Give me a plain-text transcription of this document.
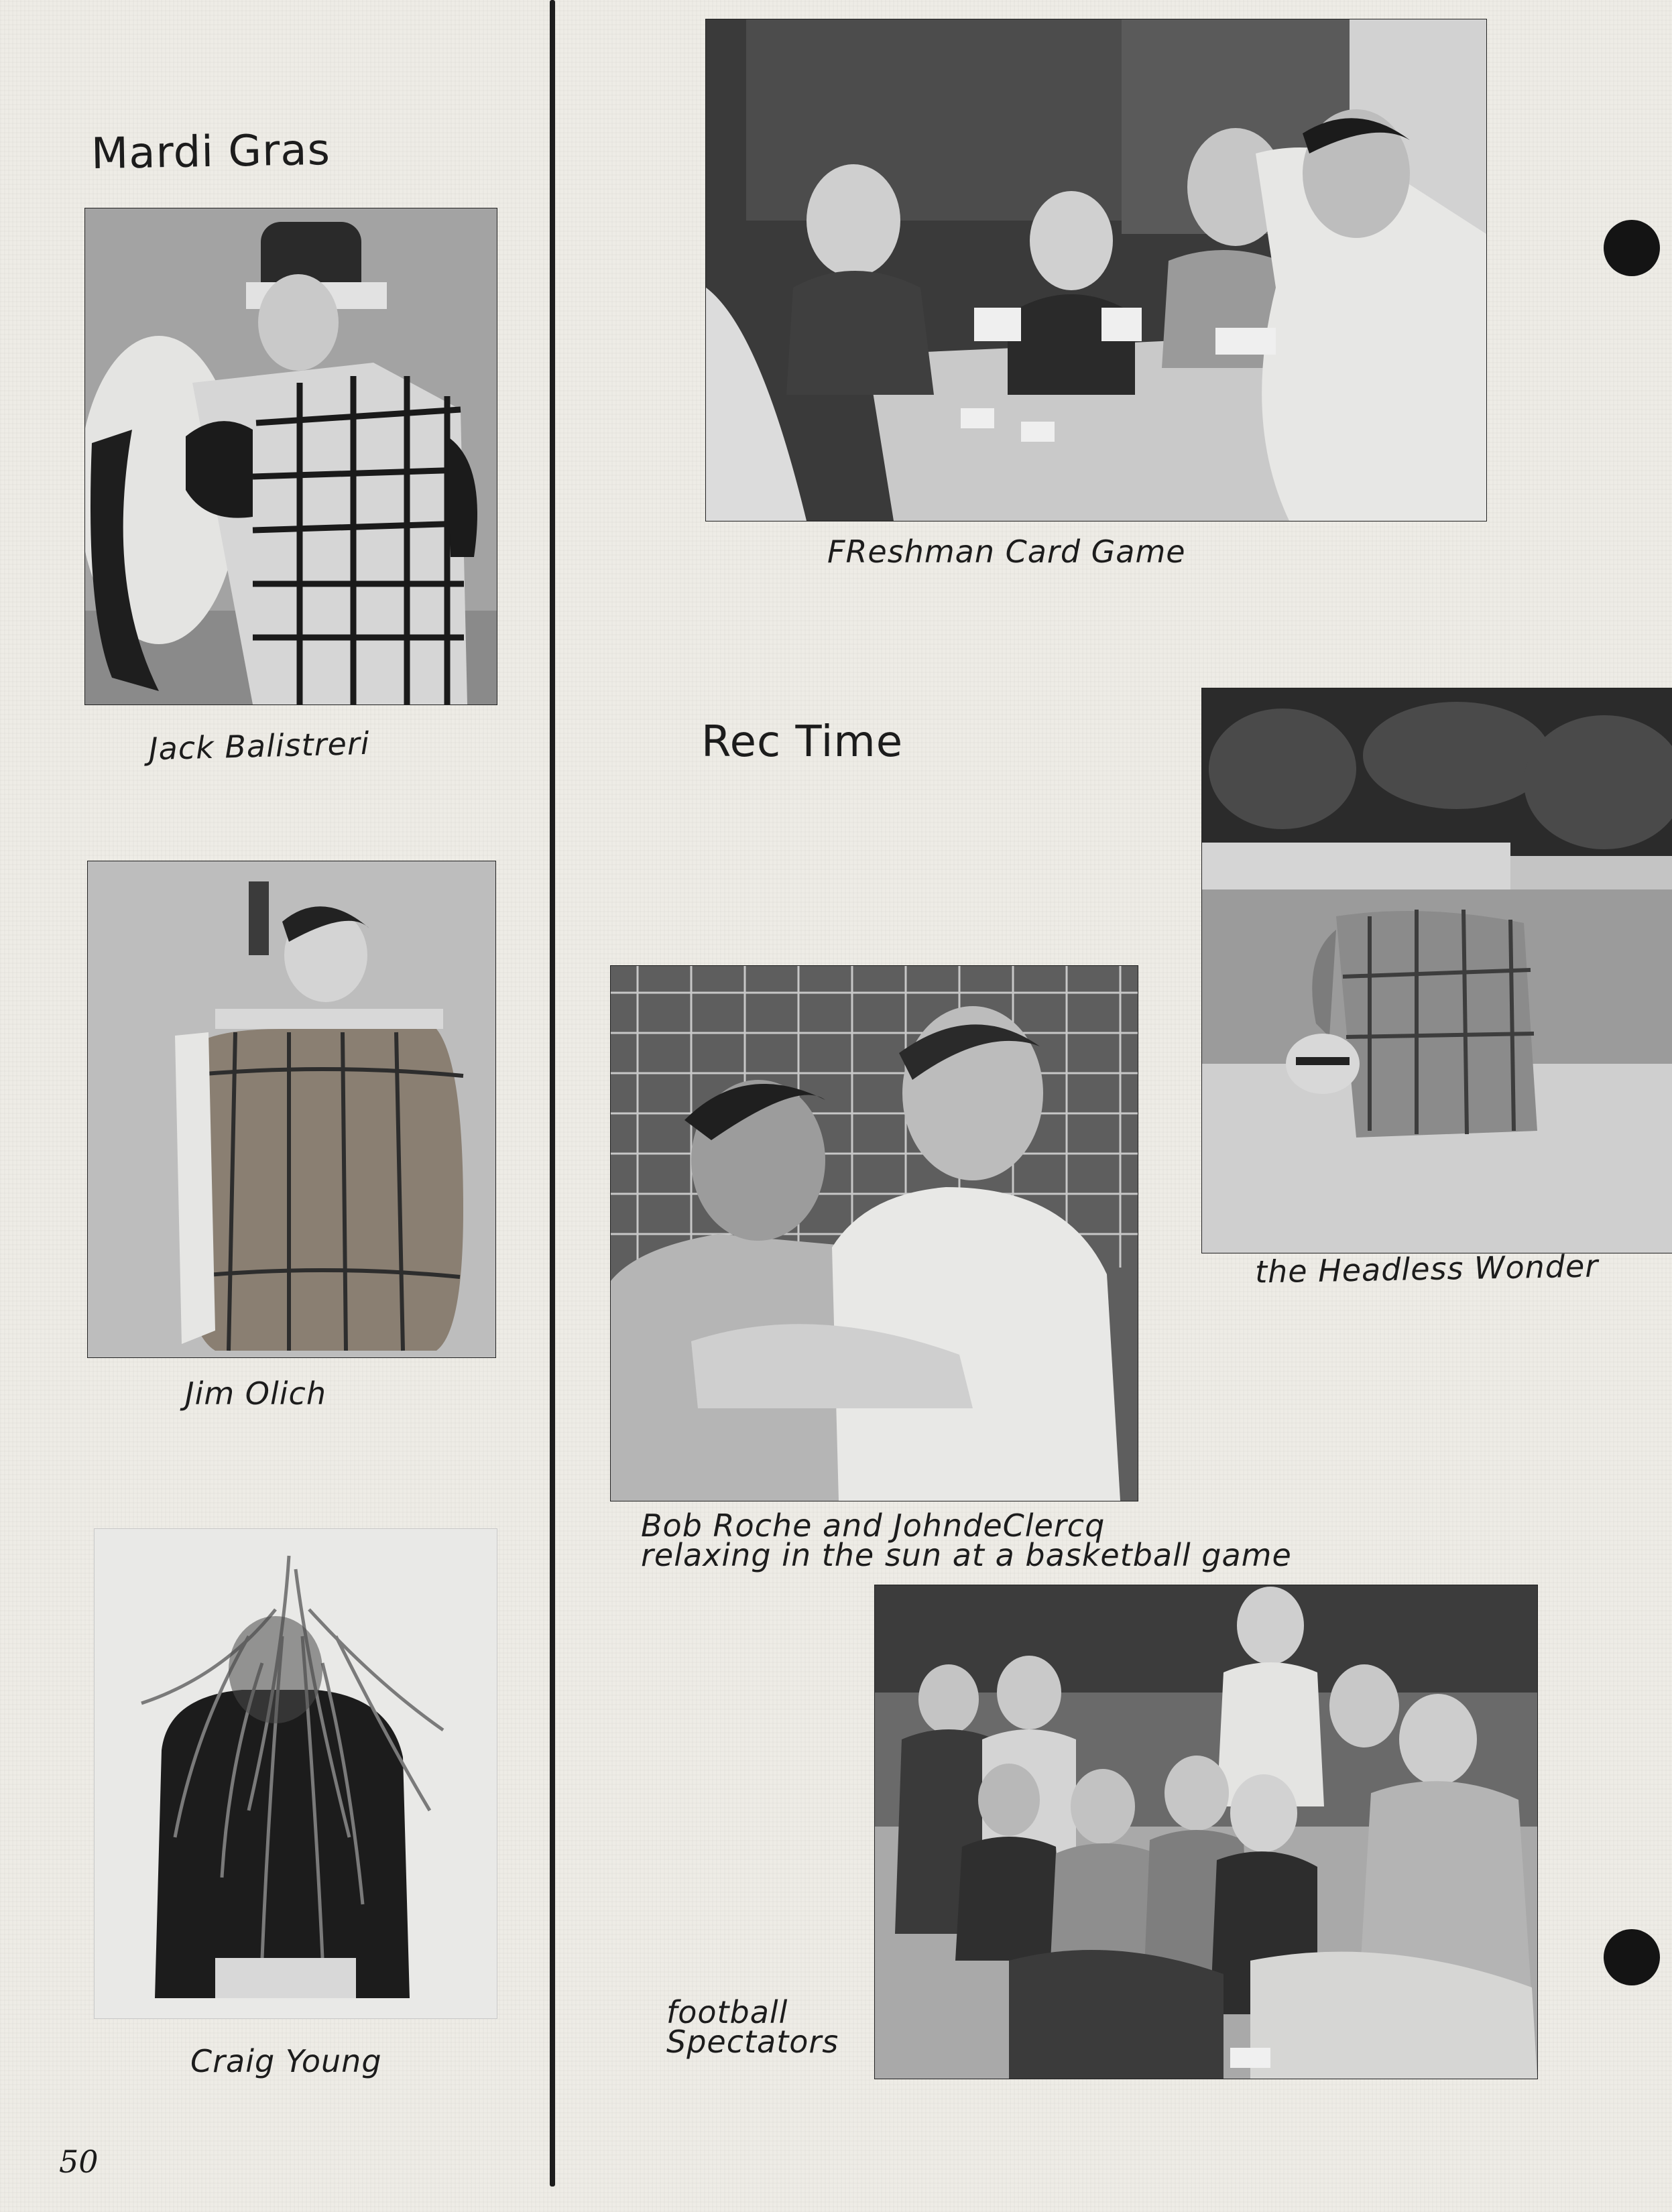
Mardi Gras
Jack Balistreri
Jim Olich
Craig Young
50
FReshman Card Game
Rec Time
the Headless Wonder
Bob Roche and JohndeClercq
relaxing in the sun at a basketball game
football
Spectators
